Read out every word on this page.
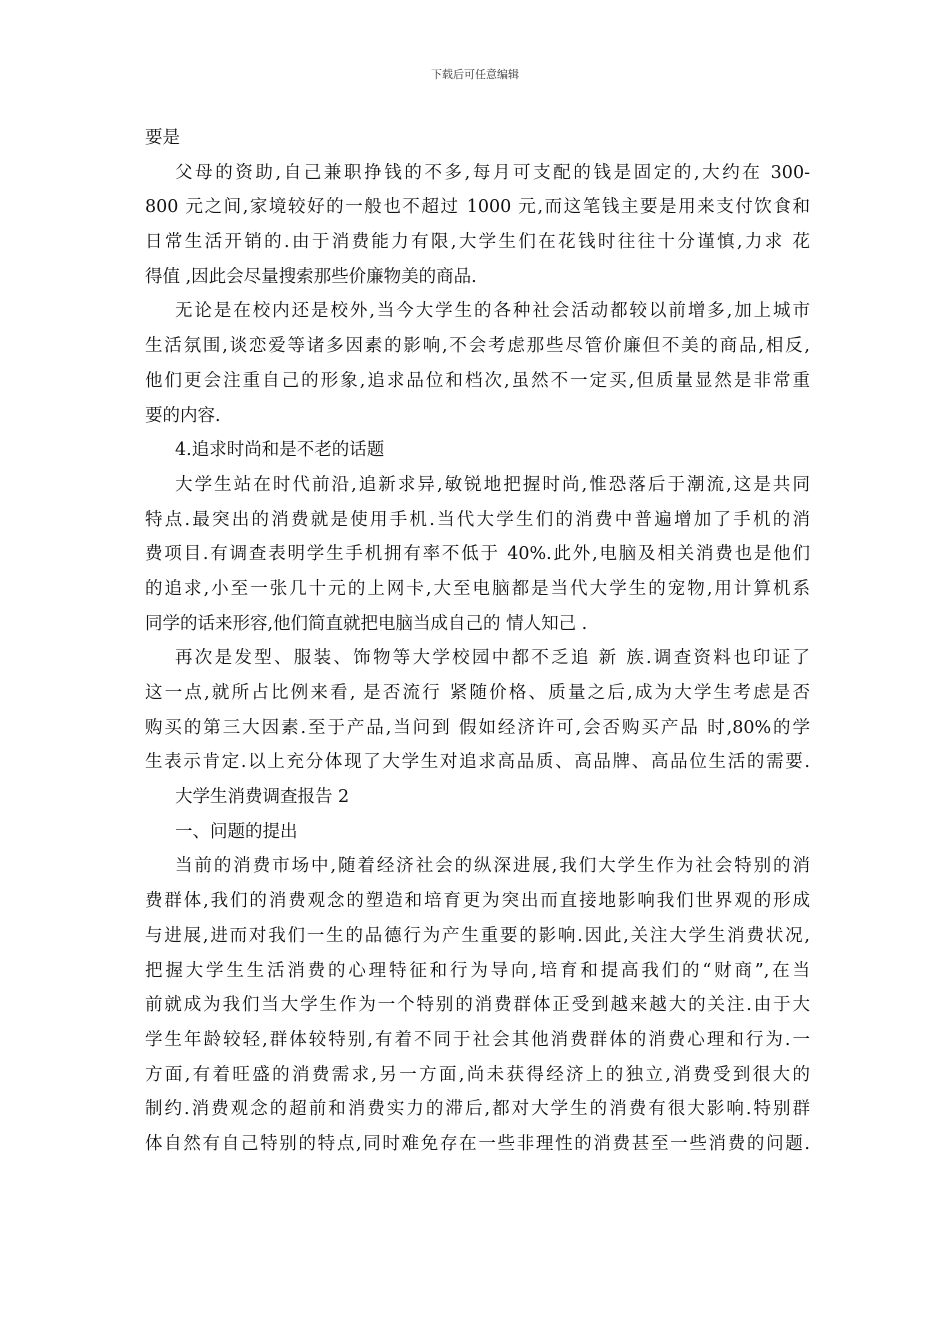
下载后可任意编辑
要是
父母的资助,自己兼职挣钱的不多,每月可支配的钱是固定的,大约在 300-
800 元之间,家境较好的一般也不超过 1000 元,而这笔钱主要是用来支付饮食和
日常生活开销的.由于消费能力有限,大学生们在花钱时往往十分谨慎,力求 花
得值 ,因此会尽量搜索那些价廉物美的商品.
无论是在校内还是校外,当今大学生的各种社会活动都较以前增多,加上城市
生活氛围,谈恋爱等诸多因素的影响,不会考虑那些尽管价廉但不美的商品,相反,
他们更会注重自己的形象,追求品位和档次,虽然不一定买,但质量显然是非常重
要的内容.
4.追求时尚和是不老的话题
大学生站在时代前沿,追新求异,敏锐地把握时尚,惟恐落后于潮流,这是共同
特点.最突出的消费就是使用手机.当代大学生们的消费中普遍增加了手机的消
费项目.有调查表明学生手机拥有率不低于 40%.此外,电脑及相关消费也是他们
的追求,小至一张几十元的上网卡,大至电脑都是当代大学生的宠物,用计算机系
同学的话来形容,他们简直就把电脑当成自己的 情人知己 .
再次是发型、服装、饰物等大学校园中都不乏追 新 族.调查资料也印证了
这一点,就所占比例来看, 是否流行 紧随价格、质量之后,成为大学生考虑是否
购买的第三大因素.至于产品,当问到 假如经济许可,会否购买产品 时,80%的学
生表示肯定.以上充分体现了大学生对追求高品质、高品牌、高品位生活的需要.
大学生消费调查报告 2
一、问题的提出
当前的消费市场中,随着经济社会的纵深进展,我们大学生作为社会特别的消
费群体,我们的消费观念的塑造和培育更为突出而直接地影响我们世界观的形成
与进展,进而对我们一生的品德行为产生重要的影响.因此,关注大学生消费状况,
把握大学生生活消费的心理特征和行为导向,培育和提高我们的“财商”,在当
前就成为我们当大学生作为一个特别的消费群体正受到越来越大的关注.由于大
学生年龄较轻,群体较特别,有着不同于社会其他消费群体的消费心理和行为.一
方面,有着旺盛的消费需求,另一方面,尚未获得经济上的独立,消费受到很大的
制约.消费观念的超前和消费实力的滞后,都对大学生的消费有很大影响.特别群
体自然有自己特别的特点,同时难免存在一些非理性的消费甚至一些消费的问题.
